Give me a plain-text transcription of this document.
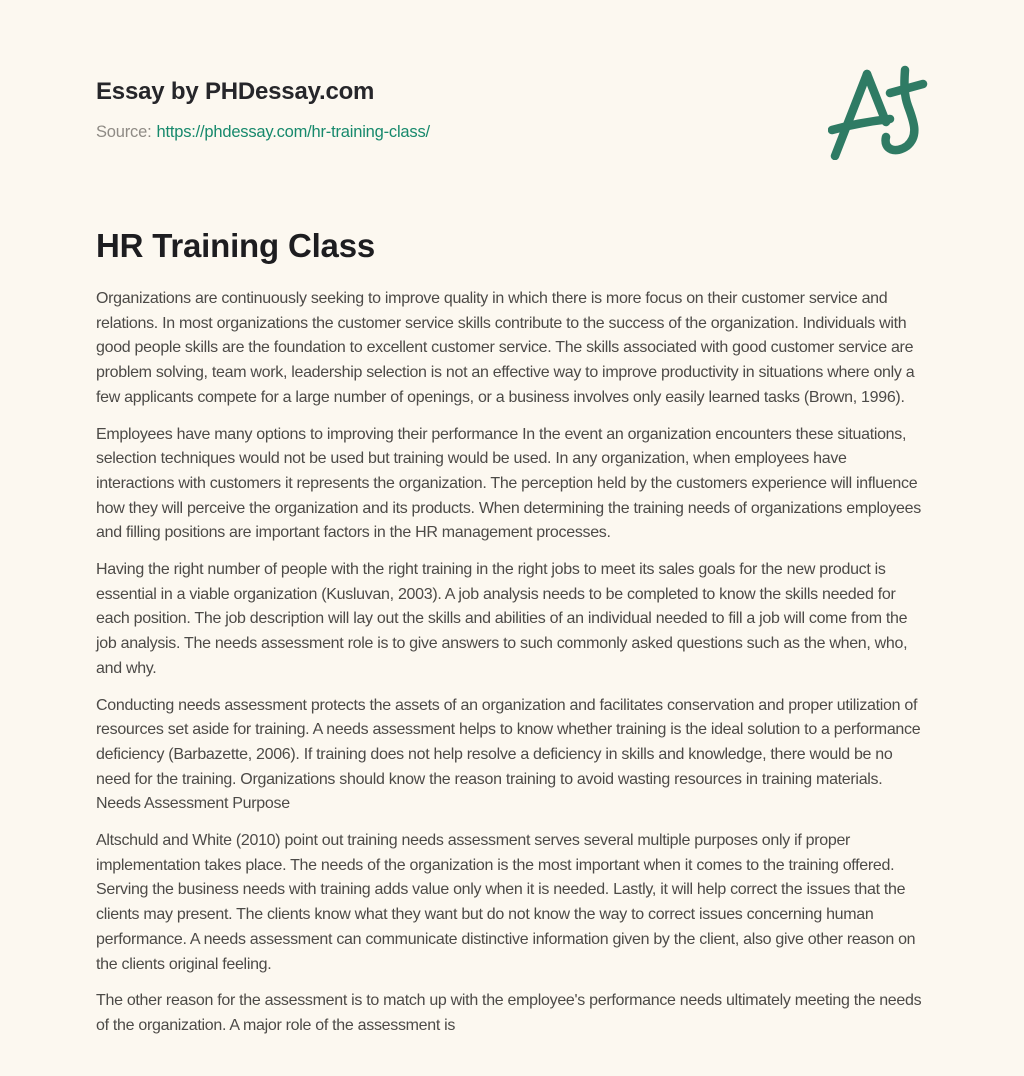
Essay by PHDessay.com
Source: https://phdessay.com/hr-training-class/
HR Training Class

Organizations are continuously seeking to improve quality in which there is more focus on their customer service and relations. In most organizations the customer service skills contribute to the success of the organization. Individuals with good people skills are the foundation to excellent customer service. The skills associated with good customer service are problem solving, team work, leadership selection is not an effective way to improve productivity in situations where only a few applicants compete for a large number of openings, or a business involves only easily learned tasks (Brown, 1996).

Employees have many options to improving their performance In the event an organization encounters these situations, selection techniques would not be used but training would be used. In any organization, when employees have interactions with customers it represents the organization. The perception held by the customers experience will influence how they will perceive the organization and its products. When determining the training needs of organizations employees and filling positions are important factors in the HR management processes.

Having the right number of people with the right training in the right jobs to meet its sales goals for the new product is essential in a viable organization (Kusluvan, 2003). A job analysis needs to be completed to know the skills needed for each position. The job description will lay out the skills and abilities of an individual needed to fill a job will come from the job analysis. The needs assessment role is to give answers to such commonly asked questions such as the when, who, and why.

Conducting needs assessment protects the assets of an organization and facilitates conservation and proper utilization of resources set aside for training. A needs assessment helps to know whether training is the ideal solution to a performance deficiency (Barbazette, 2006). If training does not help resolve a deficiency in skills and knowledge, there would be no need for the training. Organizations should know the reason training to avoid wasting resources in training materials. Needs Assessment Purpose

Altschuld and White (2010) point out training needs assessment serves several multiple purposes only if proper implementation takes place. The needs of the organization is the most important when it comes to the training offered. Serving the business needs with training adds value only when it is needed. Lastly, it will help correct the issues that the clients may present. The clients know what they want but do not know the way to correct issues concerning human performance. A needs assessment can communicate distinctive information given by the client, also give other reason on the clients original feeling.

The other reason for the assessment is to match up with the employee's performance needs ultimately meeting the needs of the organization. A major role of the assessment is
